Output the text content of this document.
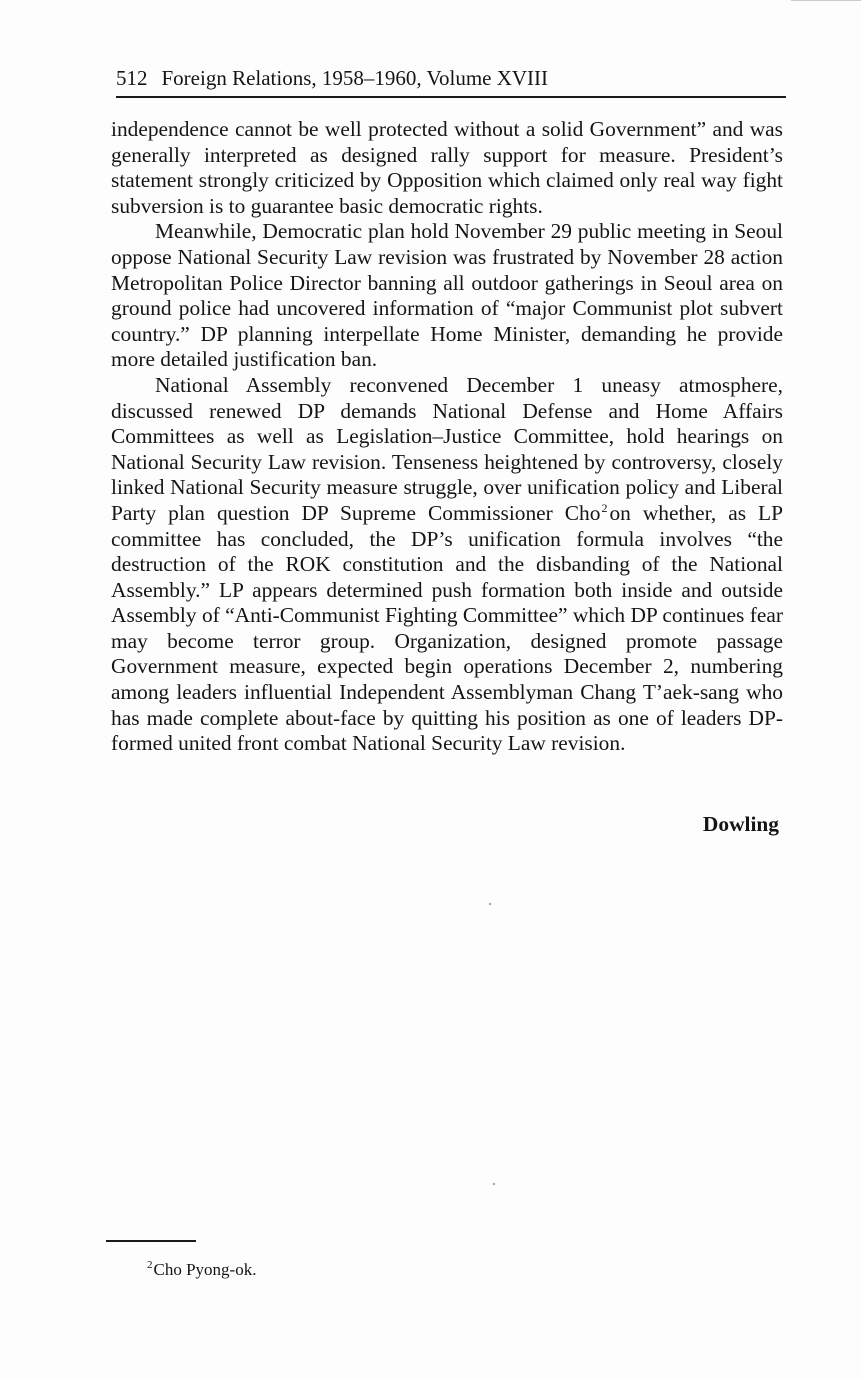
512 Foreign Relations, 1958–1960, Volume XVIII

independence cannot be well protected without a solid Government” and was generally interpreted as designed rally support for measure. President’s statement strongly criticized by Opposition which claimed only real way fight subversion is to guarantee basic democratic rights.

Meanwhile, Democratic plan hold November 29 public meeting in Seoul oppose National Security Law revision was frustrated by November 28 action Metropolitan Police Director banning all outdoor gatherings in Seoul area on ground police had uncovered information of “major Communist plot subvert country.” DP planning interpellate Home Minister, demanding he provide more detailed justification ban.

National Assembly reconvened December 1 uneasy atmosphere, discussed renewed DP demands National Defense and Home Affairs Committees as well as Legislation–Justice Committee, hold hearings on National Security Law revision. Tenseness heightened by controversy, closely linked National Security measure struggle, over unification policy and Liberal Party plan question DP Supreme Commissioner Cho$^2$on whether, as LP committee has concluded, the DP’s unification formula involves “the destruction of the ROK constitution and the disbanding of the National Assembly.” LP appears determined push formation both inside and outside Assembly of “Anti-Communist Fighting Committee” which DP continues fear may become terror group. Organization, designed promote passage Government measure, expected begin operations December 2, numbering among leaders influential Independent Assemblyman Chang T’aek-sang who has made complete about-face by quitting his position as one of leaders DP-formed united front combat National Security Law revision.

Dowling
$^2$Cho Pyong-ok.
